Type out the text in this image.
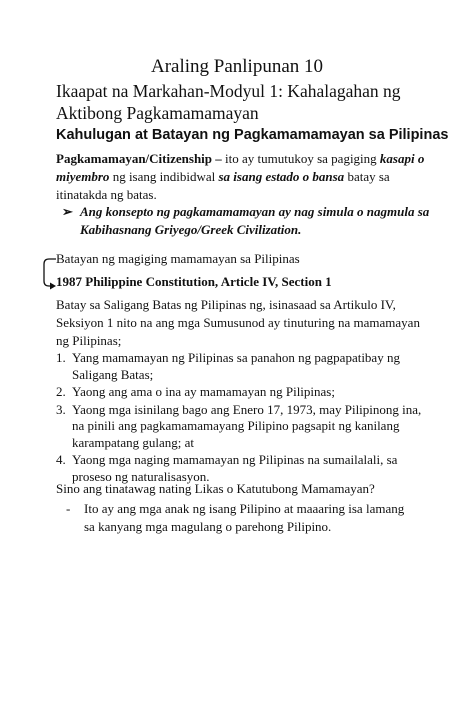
Araling Panlipunan 10
Ikaapat na Markahan-Modyul 1: Kahalagahan ng Aktibong Pagkamamamayan
Kahulugan at Batayan ng Pagkamamamayan sa Pilipinas
Pagkamamayan/Citizenship – ito ay tumutukoy sa pagiging kasapi o miyembro ng isang indibidwal sa isang estado o bansa batay sa itinatakda ng batas.
➢ Ang konsepto ng pagkamamamayan ay nag simula o nagmula sa Kabihasnang Griyego/Greek Civilization.
Batayan ng magiging mamamayan sa Pilipinas
1987 Philippine Constitution, Article IV, Section 1
Batay sa Saligang Batas ng Pilipinas ng, isinasaad sa Artikulo IV, Seksiyon 1 nito na ang mga Sumusunod ay tinuturing na mamamayan ng Pilipinas;
1. Yang mamamayan ng Pilipinas sa panahon ng pagpapatibay ng Saligang Batas;
2. Yaong ang ama o ina ay mamamayan ng Pilipinas;
3. Yaong mga isinilang bago ang Enero 17, 1973, may Pilipinong ina, na pinili ang pagkamamamayang Pilipino pagsapit ng kanilang karampatang gulang; at
4. Yaong mga naging mamamayan ng Pilipinas na sumailalali, sa proseso ng naturalisasyon.
Sino ang tinatawag nating Likas o Katutubong Mamamayan?
-	Ito ay ang mga anak ng isang Pilipino at maaaring isa lamang sa kanyang mga magulang o parehong Pilipino.
